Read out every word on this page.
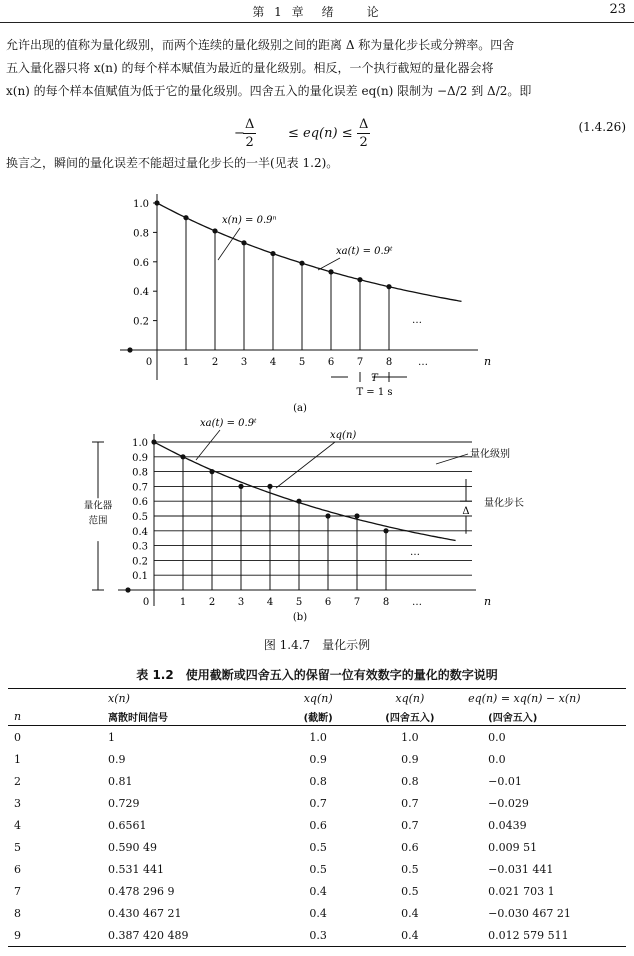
第 1 章　绪　　论	23
允许出现的值称为量化级别，而两个连续的量化级别之间的距离 Δ 称为量化步长或分辨率。四舍
五入量化器只将 x(n) 的每个样本赋值为最近的量化级别。相反，一个执行截短的量化器会将
x(n) 的每个样本值赋值为低于它的量化级别。四舍五入的量化误差 eq(n) 限制为 −Δ/2 到 Δ/2。即
−
$\frac{\Delta}{2} \le eq(n) \le \frac{\Delta}{2}$	(1.4.26)
换言之，瞬间的量化误差不能超过量化步长的一半(见表 1.2)。
1.0
0.8
0.6
0.4
0.2
0	1 2 3 4 5 6 7 8	…
…
n
x(n) = 0.9ⁿ
xa(t) = 0.9ᵗ
T
T = 1 s
(a)
1.0
0.9
0.8
0.7
0.6
0.5
0.4
0.3
0.2
0.1
0	1 2 3 4 5 6 7 8 …
…
n
xa(t) = 0.9ᵗ
xq(n)
量化级别
量化器
范围
Δ
量化步长
(b)
图 1.4.7　量化示例
表 1.2　使用截断或四舍五入的保留一位有效数字的量化的数字说明
	x(n)	xq(n)	xq(n)	eq(n) = xq(n) − x(n)
n	离散时间信号	(截断)	(四舍五入)	(四舍五入)
0	1	1.0	1.0	0.0
1	0.9	0.9	0.9	0.0
2	0.81	0.8	0.8	−0.01
3	0.729	0.7	0.7	−0.029
4	0.6561	0.6	0.7	0.0439
5	0.590 49	0.5	0.6	0.009 51
6	0.531 441	0.5	0.5	−0.031 441
7	0.478 296 9	0.4	0.5	0.021 703 1
8	0.430 467 21	0.4	0.4	−0.030 467 21
9	0.387 420 489	0.3	0.4	0.012 579 511
